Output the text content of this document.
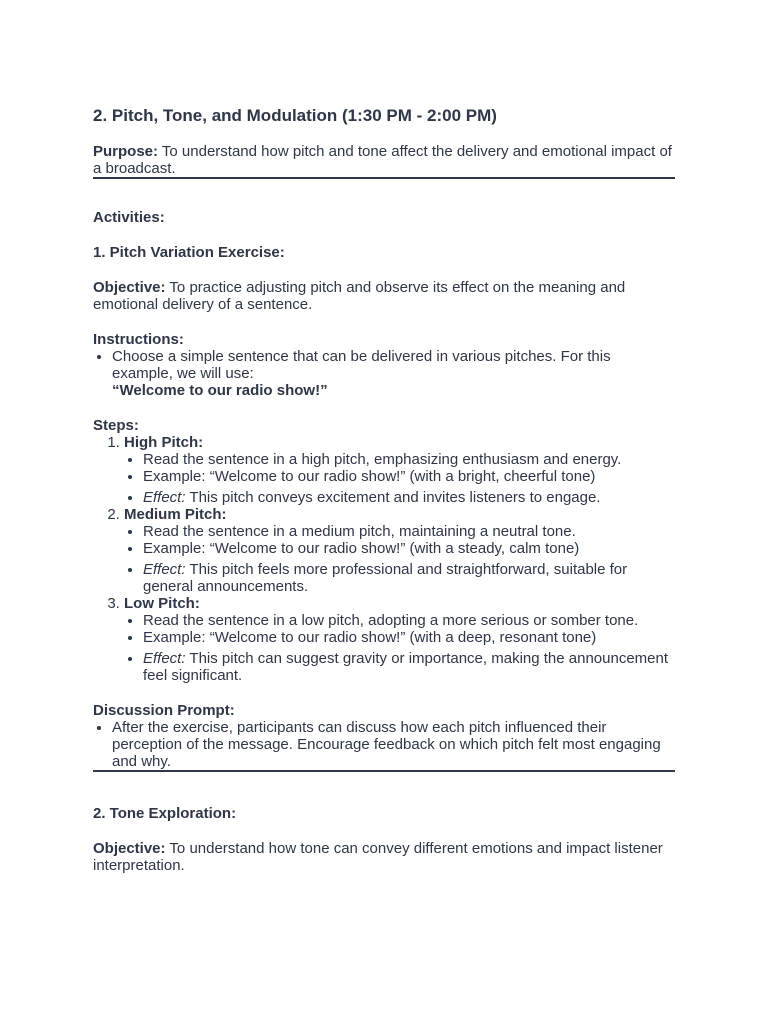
2. Pitch, Tone, and Modulation (1:30 PM - 2:00 PM)

Purpose: To understand how pitch and tone affect the delivery and emotional impact of a broadcast.

Activities:

1. Pitch Variation Exercise:

Objective: To practice adjusting pitch and observe its effect on the meaning and emotional delivery of a sentence.

Instructions:

• Choose a simple sentence that can be delivered in various pitches. For this example, we will use:
“Welcome to our radio show!”

Steps:

1. High Pitch:
• Read the sentence in a high pitch, emphasizing enthusiasm and energy.
• Example: “Welcome to our radio show!” (with a bright, cheerful tone)
• Effect: This pitch conveys excitement and invites listeners to engage.
2. Medium Pitch:
• Read the sentence in a medium pitch, maintaining a neutral tone.
• Example: “Welcome to our radio show!” (with a steady, calm tone)
• Effect: This pitch feels more professional and straightforward, suitable for general announcements.
3. Low Pitch:
• Read the sentence in a low pitch, adopting a more serious or somber tone.
• Example: “Welcome to our radio show!” (with a deep, resonant tone)
• Effect: This pitch can suggest gravity or importance, making the announcement feel significant.

Discussion Prompt:

• After the exercise, participants can discuss how each pitch influenced their perception of the message. Encourage feedback on which pitch felt most engaging and why.

2. Tone Exploration:

Objective: To understand how tone can convey different emotions and impact listener interpretation.
